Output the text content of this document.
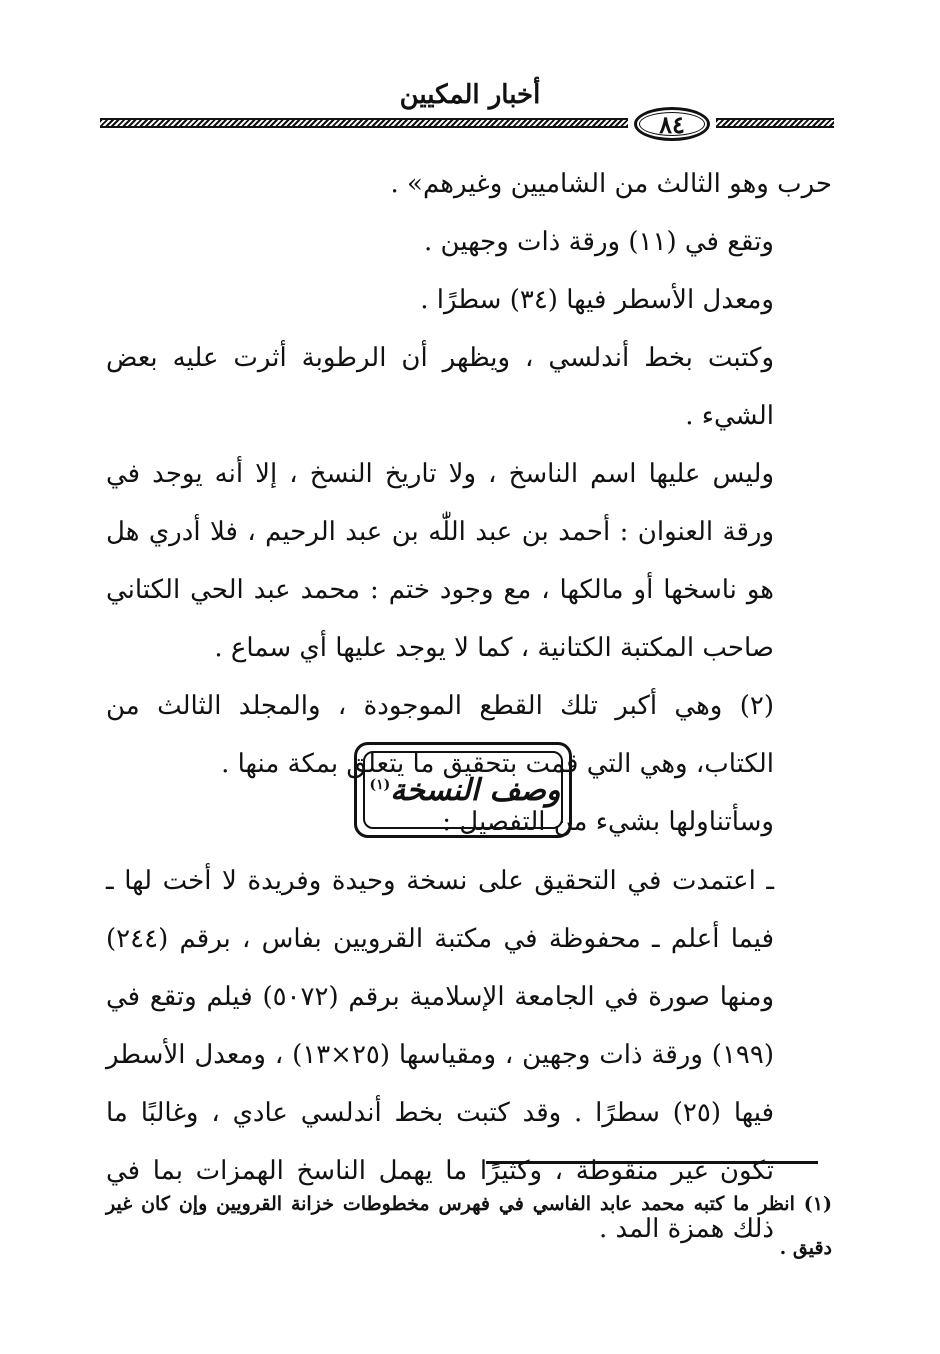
أخبار المكيين
٨٤

حرب وهو الثالث من الشاميين وغيرهم» .

وتقع في (١١) ورقة ذات وجهين .

ومعدل الأسطر فيها (٣٤) سطرًا .

وكتبت بخط أندلسي ، ويظهر أن الرطوبة أثرت عليه بعض الشيء .

وليس عليها اسم الناسخ ، ولا تاريخ النسخ ، إلا أنه يوجد في ورقة العنوان : أحمد بن عبد اللّٰه بن عبد الرحيم ، فلا أدري هل هو ناسخها أو مالكها ، مع وجود ختم : محمد عبد الحي الكتاني صاحب المكتبة الكتانية ، كما لا يوجد عليها أي سماع .

(٢) وهي أكبر تلك القطع الموجودة ، والمجلد الثالث من الكتاب، وهي التي قمت بتحقيق ما يتعلق بمكة منها .

وسأتناولها بشيء من التفصيل :

وصف النسخة$^{(١)}$

ـ اعتمدت في التحقيق على نسخة وحيدة وفريدة لا أخت لها ـ فيما أعلم ـ محفوظة في مكتبة القرويين بفاس ، برقم (٢٤٤) ومنها صورة في الجامعة الإسلامية برقم (٥٠٧٢) فيلم وتقع في (١٩٩) ورقة ذات وجهين ، ومقياسها (٢٥×١٣) ، ومعدل الأسطر فيها (٢٥) سطرًا . وقد كتبت بخط أندلسي عادي ، وغالبًا ما تكون غير منقوطة ، وكثيرًا ما يهمل الناسخ الهمزات بما في ذلك همزة المد .

(١) انظر ما كتبه محمد عابد الفاسي في فهرس مخطوطات خزانة القرويين وإن كان غير دقيق .
